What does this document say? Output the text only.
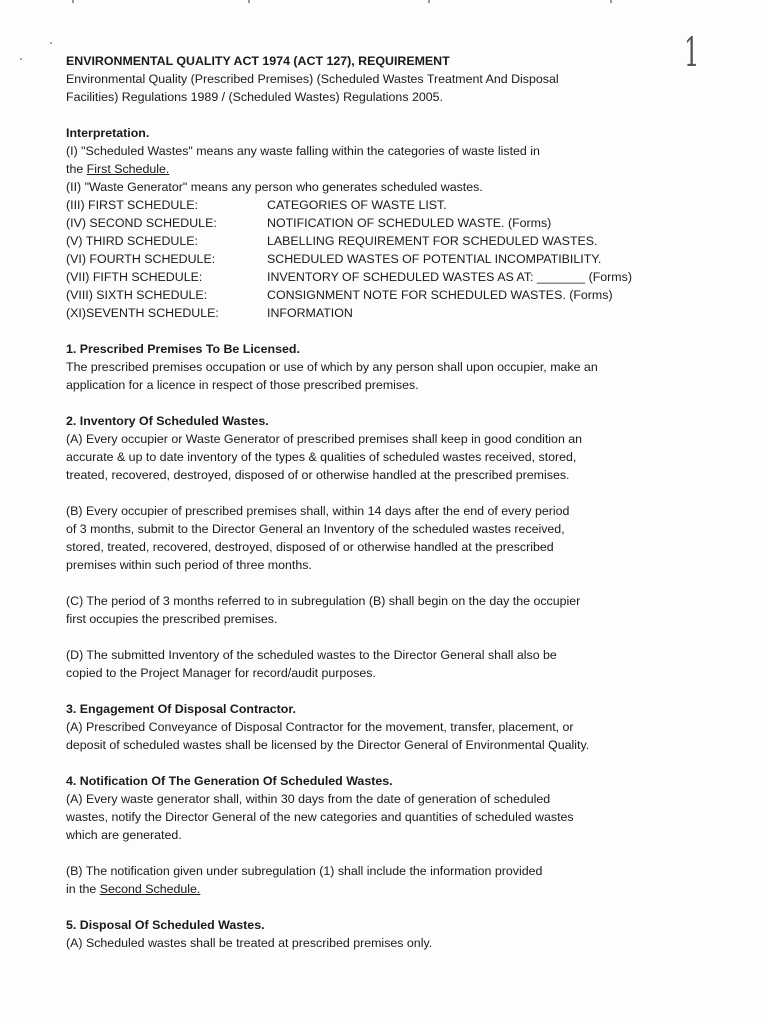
1

ENVIRONMENTAL QUALITY ACT 1974 (ACT 127), REQUIREMENT

Environmental Quality (Prescribed Premises) (Scheduled Wastes Treatment And Disposal

Facilities) Regulations 1989 / (Scheduled Wastes) Regulations 2005.

Interpretation.

(I) "Scheduled Wastes" means any waste falling within the categories of waste listed in

the First Schedule.

(II) "Waste Generator" means any person who generates scheduled wastes.

(III) FIRST SCHEDULE:	CATEGORIES OF WASTE LIST.
(IV) SECOND SCHEDULE:	NOTIFICATION OF SCHEDULED WASTE. (Forms)
(V) THIRD SCHEDULE:	LABELLING REQUIREMENT FOR SCHEDULED WASTES.
(VI) FOURTH SCHEDULE:	SCHEDULED WASTES OF POTENTIAL INCOMPATIBILITY.
(VII) FIFTH SCHEDULE:	INVENTORY OF SCHEDULED WASTES AS AT: _______ (Forms)
(VIII) SIXTH SCHEDULE:	CONSIGNMENT NOTE FOR SCHEDULED WASTES. (Forms)
(XI)SEVENTH SCHEDULE:	INFORMATION

1. Prescribed Premises To Be Licensed.

The prescribed premises occupation or use of which by any person shall upon occupier, make an

application for a licence in respect of those prescribed premises.

2. Inventory Of Scheduled Wastes.

(A) Every occupier or Waste Generator of prescribed premises shall keep in good condition an

accurate & up to date inventory of the types & qualities of scheduled wastes received, stored,

treated, recovered, destroyed, disposed of or otherwise handled at the prescribed premises.

(B) Every occupier of prescribed premises shall, within 14 days after the end of every period

of 3 months, submit to the Director General an Inventory of the scheduled wastes received,

stored, treated, recovered, destroyed, disposed of or otherwise handled at the prescribed

premises within such period of three months.

(C) The period of 3 months referred to in subregulation (B) shall begin on the day the occupier

first occupies the prescribed premises.

(D) The submitted Inventory of the scheduled wastes to the Director General shall also be

copied to the Project Manager for record/audit purposes.

3. Engagement Of Disposal Contractor.

(A) Prescribed Conveyance of Disposal Contractor for the movement, transfer, placement, or

deposit of scheduled wastes shall be licensed by the Director General of Environmental Quality.

4. Notification Of The Generation Of Scheduled Wastes.

(A) Every waste generator shall, within 30 days from the date of generation of scheduled

wastes, notify the Director General of the new categories and quantities of scheduled wastes

which are generated.

(B) The notification given under subregulation (1) shall include the information provided

in the Second Schedule.

5. Disposal Of Scheduled Wastes.

(A) Scheduled wastes shall be treated at prescribed premises only.
